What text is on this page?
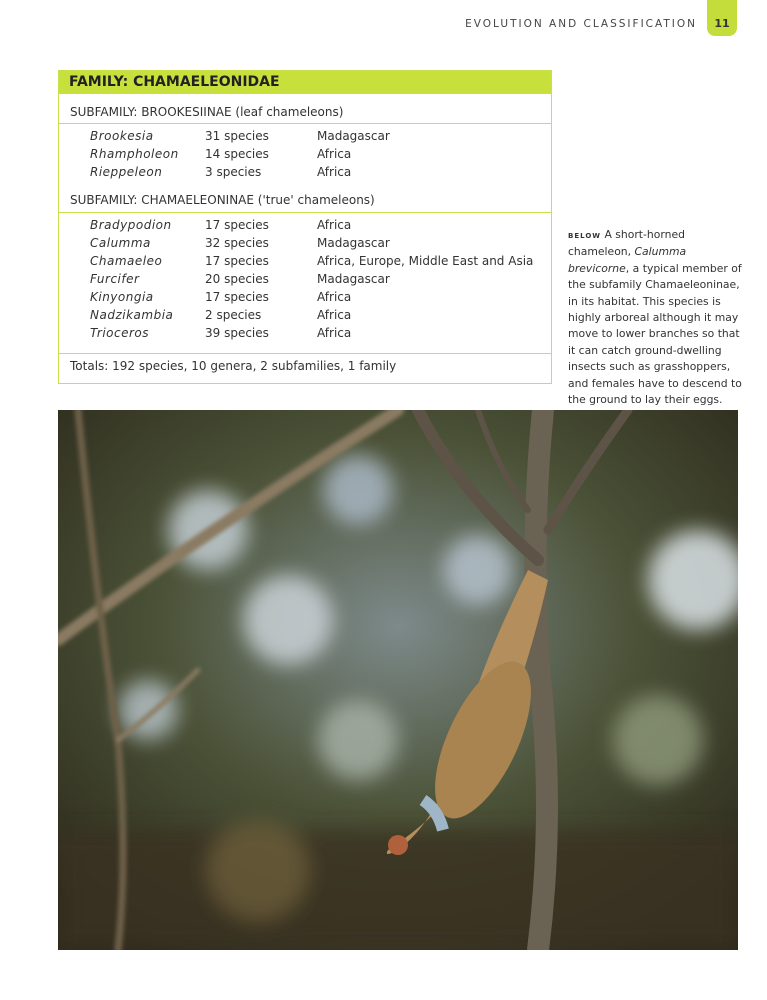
EVOLUTION AND CLASSIFICATION	11
FAMILY: CHAMAELEONIDAE
SUBFAMILY: BROOKESIINAE (leaf chameleons)
Brookesia	31 species	Madagascar
Rhampholeon 14 species	Africa
Rieppeleon	3 species	Africa
SUBFAMILY: CHAMAELEONINAE ('true' chameleons)
Bradypodion	17 species	Africa
Calumma	32 species	Madagascar
Chamaeleo	17 species	Africa, Europe, Middle East and Asia
Furcifer	20 species	Madagascar
Kinyongia	17 species	Africa
Nadzikambia	2 species	Africa
Trioceros	39 species	Africa
Totals: 192 species, 10 genera, 2 subfamilies, 1 family
BELOW A short-horned chameleon, Calumma brevicorne, a typical member of the subfamily Chamaeleoninae, in its habitat. This species is highly arboreal although it may move to lower branches so that it can catch ground-dwelling insects such as grasshoppers, and females have to descend to the ground to lay their eggs.
